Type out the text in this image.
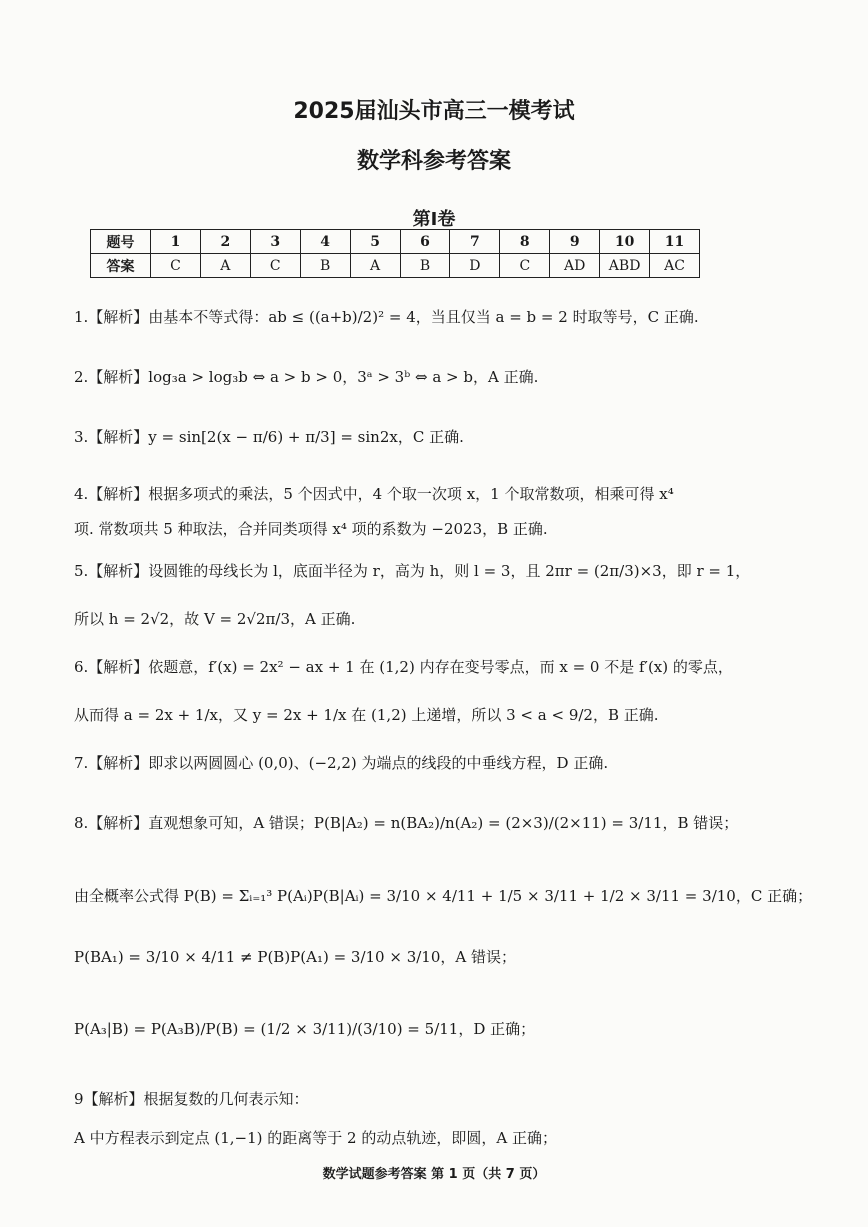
2025届汕头市高三一模考试
数学科参考答案
第Ⅰ卷
题号	1	2	3	4	5	6	7	8	9	10	11
答案	C	A	C	B	A	B	D	C	AD	ABD	AC
1.【解析】由基本不等式得：ab ≤ ((a+b)/2)² = 4，当且仅当 a = b = 2 时取等号，C 正确.
2.【解析】log₃a > log₃b ⇔ a > b > 0，3ᵃ > 3ᵇ ⇔ a > b，A 正确.
3.【解析】y = sin[2(x − π/6) + π/3] = sin2x，C 正确.
4.【解析】根据多项式的乘法，5 个因式中，4 个取一次项 x，1 个取常数项，相乘可得 x⁴
项. 常数项共 5 种取法，合并同类项得 x⁴ 项的系数为 −2023，B 正确.
5.【解析】设圆锥的母线长为 l，底面半径为 r，高为 h，则 l = 3，且 2πr = (2π/3)×3，即 r = 1，
所以 h = 2√2，故 V = 2√2π/3，A 正确.
6.【解析】依题意，f′(x) = 2x² − ax + 1 在 (1,2) 内存在变号零点，而 x = 0 不是 f′(x) 的零点，
从而得 a = 2x + 1/x，又 y = 2x + 1/x 在 (1,2) 上递增，所以 3 < a < 9/2，B 正确.
7.【解析】即求以两圆圆心 (0,0)、(−2,2) 为端点的线段的中垂线方程，D 正确.
8.【解析】直观想象可知，A 错误；P(B|A₂) = n(BA₂)/n(A₂) = (2×3)/(2×11) = 3/11，B 错误；
由全概率公式得 P(B) = Σᵢ₌₁³ P(Aᵢ)P(B|Aᵢ) = 3/10 × 4/11 + 1/5 × 3/11 + 1/2 × 3/11 = 3/10，C 正确；
P(BA₁) = 3/10 × 4/11 ≠ P(B)P(A₁) = 3/10 × 3/10，A 错误；
P(A₃|B) = P(A₃B)/P(B) = (1/2 × 3/11)/(3/10) = 5/11，D 正确；
9【解析】根据复数的几何表示知：
A 中方程表示到定点 (1,−1) 的距离等于 2 的动点轨迹，即圆，A 正确；
数学试题参考答案 第 1 页（共 7 页）
